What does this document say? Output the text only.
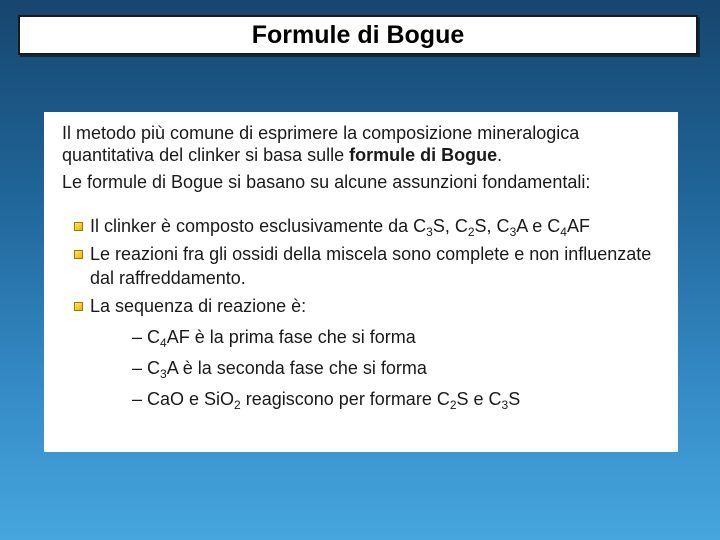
Formule di Bogue

Il metodo più comune di esprimere la composizione mineralogica quantitativa del clinker si basa sulle formule di Bogue.

Le formule di Bogue si basano su alcune assunzioni fondamentali:

Il clinker è composto esclusivamente da $C_3S$, $C_2S$, $C_3A$ e $C_4AF$
Le reazioni fra gli ossidi della miscela sono complete e non influenzate dal raffreddamento.
La sequenza di reazione è:
– $C_4AF$ è la prima fase che si forma
– $C_3A$ è la seconda fase che si forma
– CaO e SiO$_2$ reagiscono per formare $C_2S$ e $C_3S$
